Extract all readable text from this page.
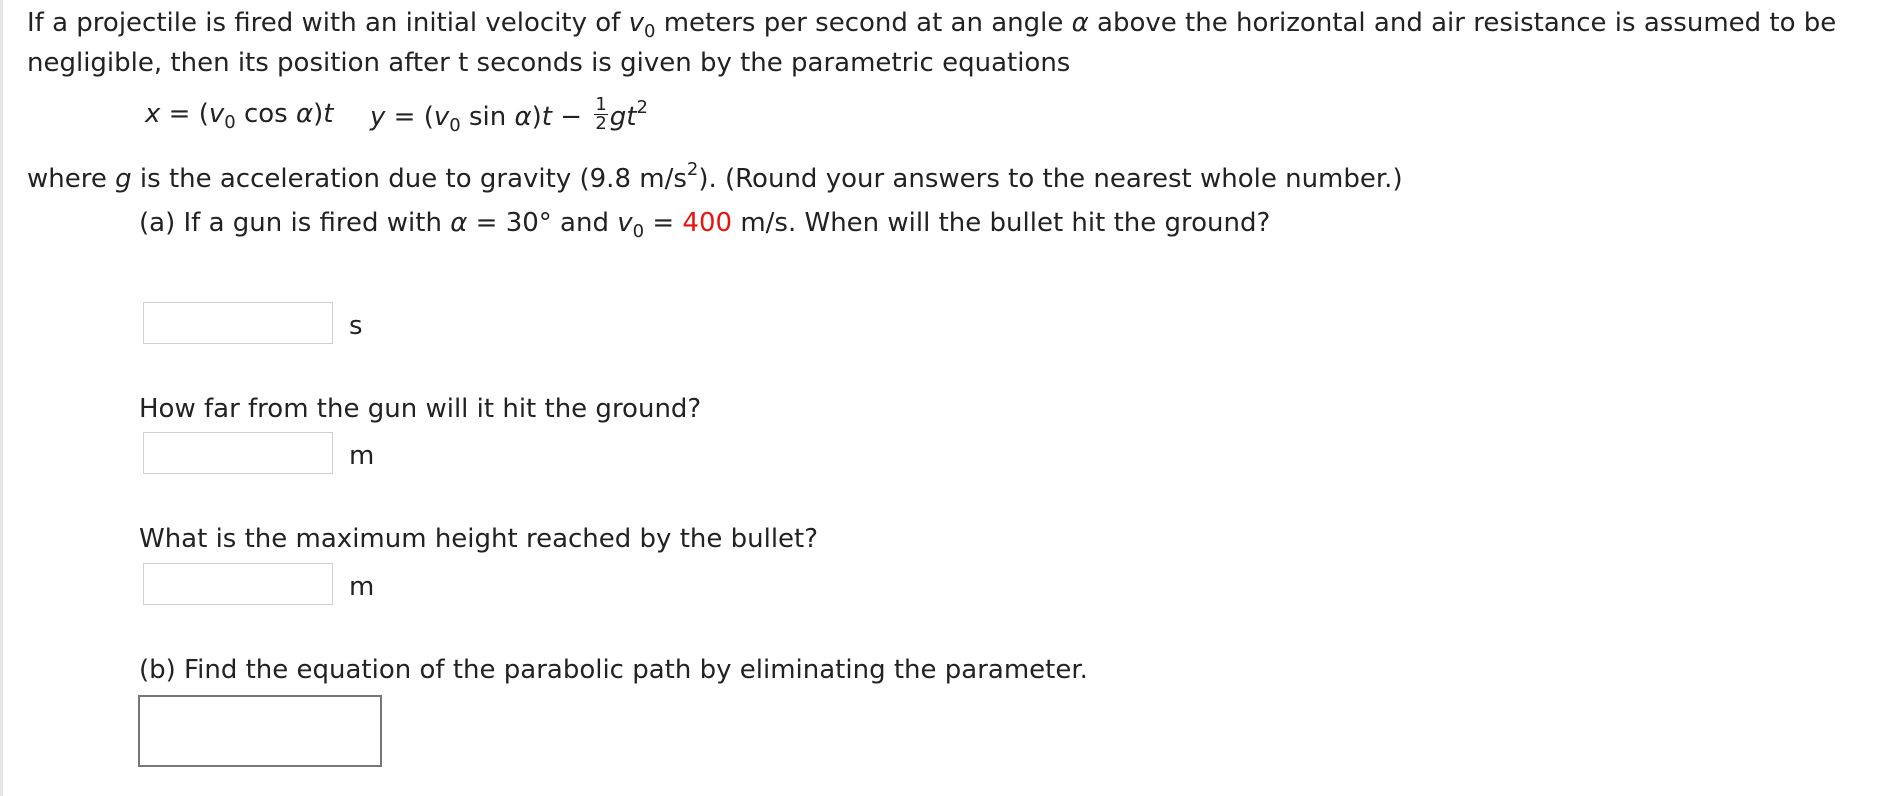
If a projectile is fired with an initial velocity of $v_0$ meters per second at an angle α above the horizontal and air resistance is assumed to be
negligible, then its position after t seconds is given by the parametric equations
$x = (v_0$ cos α)t $y = (v_0$ $\sin \alpha)t - \frac{1}{2} gt^2$
where g is the acceleration due to gravity (9.8 $m/s^2$). (Round your answers to the nearest whole number.)
(a) If a gun is fired with α = 30° and $v_0 = 400$ m/s. When will the bullet hit the ground?
s
How far from the gun will it hit the ground?
m
What is the maximum height reached by the bullet?
m
(b) Find the equation of the parabolic path by eliminating the parameter.
